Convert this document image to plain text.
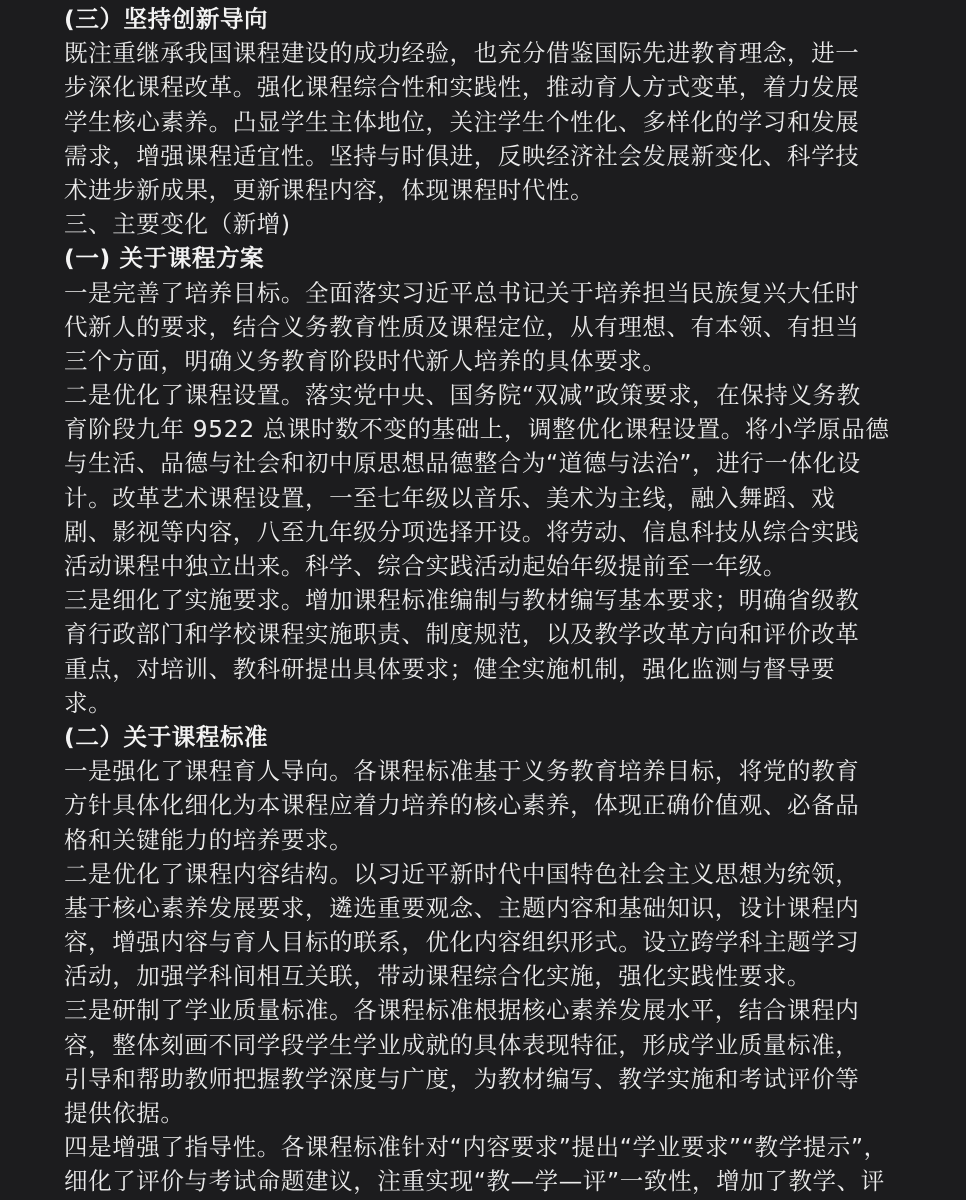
(三）坚持创新导向
既注重继承我国课程建设的成功经验，也充分借鉴国际先进教育理念，进一
步深化课程改革。强化课程综合性和实践性，推动育人方式变革，着力发展
学生核心素养。凸显学生主体地位，关注学生个性化、多样化的学习和发展
需求，增强课程适宜性。坚持与时俱进，反映经济社会发展新变化、科学技
术进步新成果，更新课程内容，体现课程时代性。
三、主要变化（新增)
(一) 关于课程方案
一是完善了培养目标。全面落实习近平总书记关于培养担当民族复兴大任时
代新人的要求，结合义务教育性质及课程定位，从有理想、有本领、有担当
三个方面，明确义务教育阶段时代新人培养的具体要求。
二是优化了课程设置。落实党中央、国务院“双减”政策要求，在保持义务教
育阶段九年 9522 总课时数不变的基础上，调整优化课程设置。将小学原品德
与生活、品德与社会和初中原思想品德整合为“道德与法治”，进行一体化设
计。改革艺术课程设置，一至七年级以音乐、美术为主线，融入舞蹈、戏
剧、影视等内容，八至九年级分项选择开设。将劳动、信息科技从综合实践
活动课程中独立出来。科学、综合实践活动起始年级提前至一年级。
三是细化了实施要求。增加课程标准编制与教材编写基本要求；明确省级教
育行政部门和学校课程实施职责、制度规范，以及教学改革方向和评价改革
重点，对培训、教科研提出具体要求；健全实施机制，强化监测与督导要
求。
(二）关于课程标准
一是强化了课程育人导向。各课程标准基于义务教育培养目标，将党的教育
方针具体化细化为本课程应着力培养的核心素养，体现正确价值观、必备品
格和关键能力的培养要求。
二是优化了课程内容结构。以习近平新时代中国特色社会主义思想为统领，
基于核心素养发展要求，遴选重要观念、主题内容和基础知识，设计课程内
容，增强内容与育人目标的联系，优化内容组织形式。设立跨学科主题学习
活动，加强学科间相互关联，带动课程综合化实施，强化实践性要求。
三是研制了学业质量标准。各课程标准根据核心素养发展水平，结合课程内
容，整体刻画不同学段学生学业成就的具体表现特征，形成学业质量标准，
引导和帮助教师把握教学深度与广度，为教材编写、教学实施和考试评价等
提供依据。
四是增强了指导性。各课程标准针对“内容要求”提出“学业要求”“教学提示”，
细化了评价与考试命题建议，注重实现“教—学—评”一致性，增加了教学、评
